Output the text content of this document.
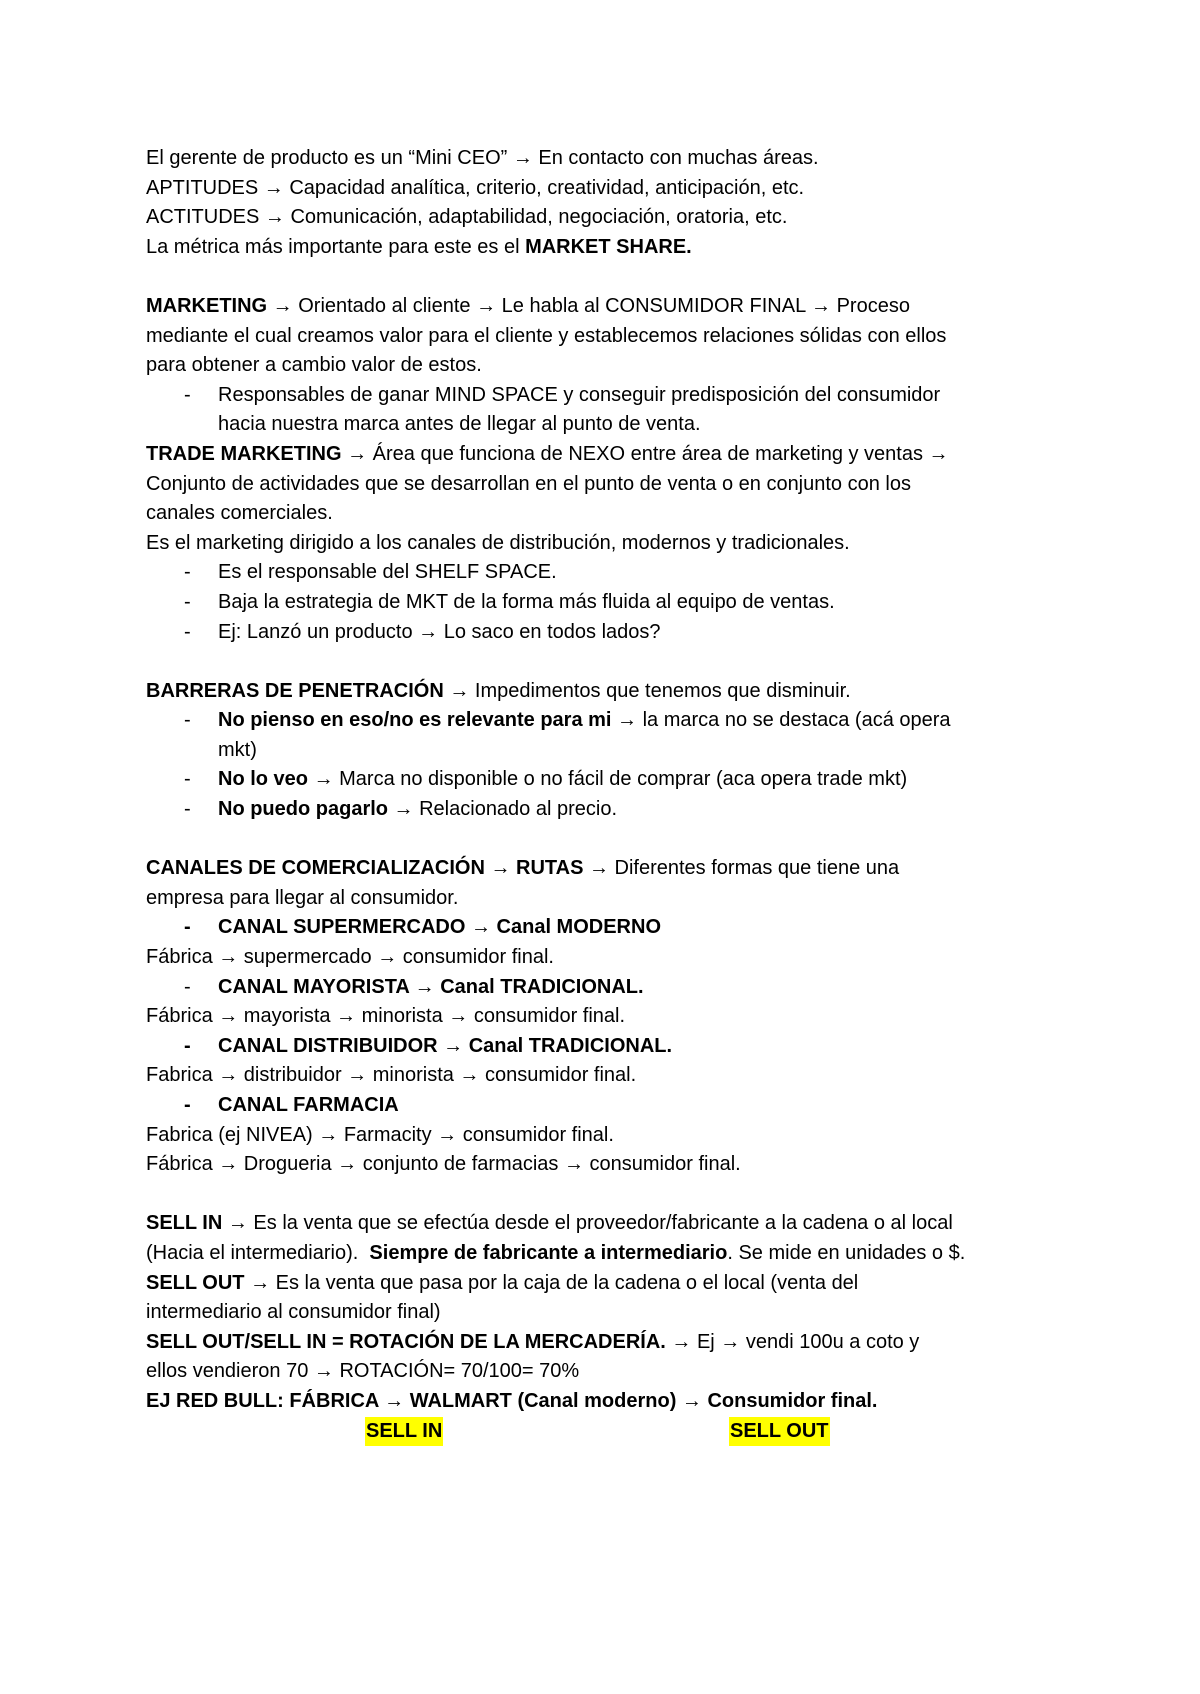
El gerente de producto es un “Mini CEO” → En contacto con muchas áreas.
APTITUDES → Capacidad analítica, criterio, creatividad, anticipación, etc.
ACTITUDES → Comunicación, adaptabilidad, negociación, oratoria, etc.
La métrica más importante para este es el MARKET SHARE.
MARKETING → Orientado al cliente → Le habla al CONSUMIDOR FINAL → Proceso
mediante el cual creamos valor para el cliente y establecemos relaciones sólidas con ellos
para obtener a cambio valor de estos.
- Responsables de ganar MIND SPACE y conseguir predisposición del consumidor
hacia nuestra marca antes de llegar al punto de venta.
TRADE MARKETING → Área que funciona de NEXO entre área de marketing y ventas →
Conjunto de actividades que se desarrollan en el punto de venta o en conjunto con los
canales comerciales.
Es el marketing dirigido a los canales de distribución, modernos y tradicionales.
- Es el responsable del SHELF SPACE.
- Baja la estrategia de MKT de la forma más fluida al equipo de ventas.
- Ej: Lanzó un producto → Lo saco en todos lados?
BARRERAS DE PENETRACIÓN → Impedimentos que tenemos que disminuir.
- No pienso en eso/no es relevante para mi → la marca no se destaca (acá opera
mkt)
- No lo veo → Marca no disponible o no fácil de comprar (aca opera trade mkt)
- No puedo pagarlo → Relacionado al precio.
CANALES DE COMERCIALIZACIÓN → RUTAS → Diferentes formas que tiene una
empresa para llegar al consumidor.
- CANAL SUPERMERCADO → Canal MODERNO
Fábrica → supermercado → consumidor final.
- CANAL MAYORISTA → Canal TRADICIONAL.
Fábrica → mayorista → minorista → consumidor final.
- CANAL DISTRIBUIDOR → Canal TRADICIONAL.
Fabrica → distribuidor → minorista → consumidor final.
- CANAL FARMACIA
Fabrica (ej NIVEA) → Farmacity → consumidor final.
Fábrica → Drogueria → conjunto de farmacias → consumidor final.
SELL IN → Es la venta que se efectúa desde el proveedor/fabricante a la cadena o al local
(Hacia el intermediario).  Siempre de fabricante a intermediario. Se mide en unidades o $.
SELL OUT → Es la venta que pasa por la caja de la cadena o el local (venta del
intermediario al consumidor final)
SELL OUT/SELL IN = ROTACIÓN DE LA MERCADERÍA. → Ej → vendi 100u a coto y
ellos vendieron 70 → ROTACIÓN= 70/100= 70%
EJ RED BULL: FÁBRICA → WALMART (Canal moderno) → Consumidor final.
SELL IN	SELL OUT
